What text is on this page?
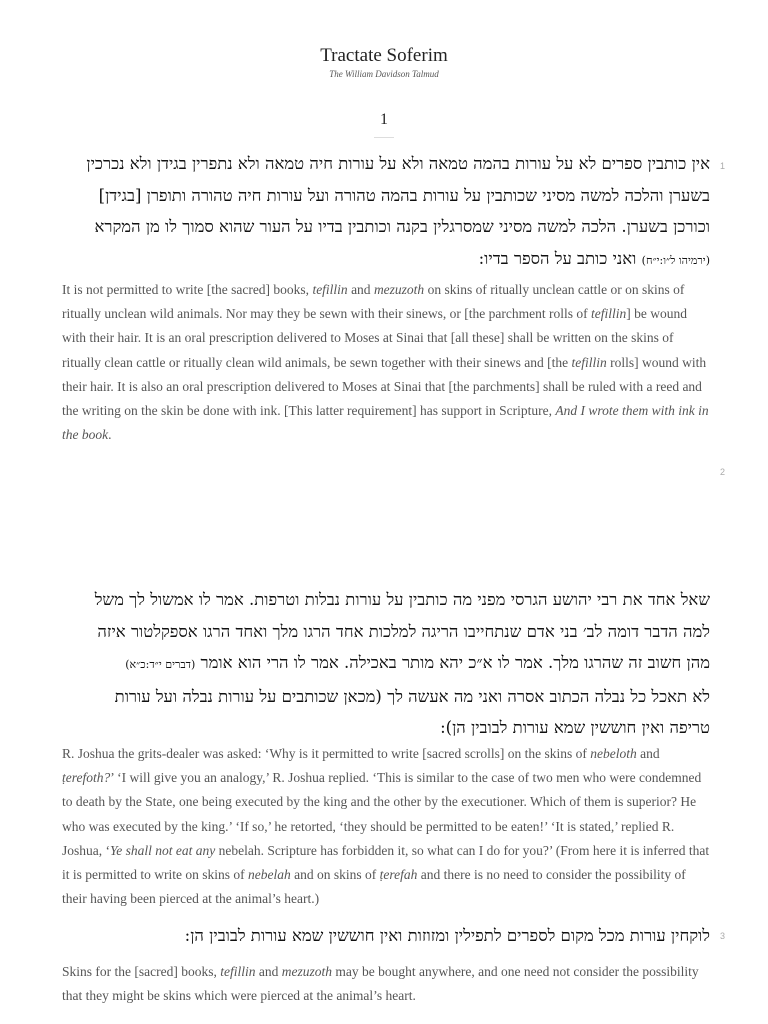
Tractate Soferim
The William Davidson Talmud
1
1
אין כותבין ספרים לא על עורות בהמה טמאה ולא על עורות חיה טמאה ולא נתפרין בגידן ולא נכרכין
בשערן והלכה למשה מסיני שכותבין על עורות בהמה טהורה ועל עורות חיה טהורה ותופרן [בגידן]
וכורכן בשערן. הלכה למשה מסיני שמסרגלין בקנה וכותבין בדיו על העור שהוא סמוך לו מן המקרא
(ירמיהו ל״ו:י״ח) ואני כותב על הספר בדיו:
It is not permitted to write [the sacred] books, tefillin and mezuzoth on skins of ritually unclean cattle or on skins of ritually unclean wild animals. Nor may they be sewn with their sinews, or [the parchment rolls of tefillin] be wound with their hair. It is an oral prescription delivered to Moses at Sinai that [all these] shall be written on the skins of ritually clean cattle or ritually clean wild animals, be sewn together with their sinews and [the tefillin rolls] wound with their hair. It is also an oral prescription delivered to Moses at Sinai that [the parchments] shall be ruled with a reed and the writing on the skin be done with ink. [This latter requirement] has support in Scripture, And I wrote them with ink in the book.
2
שאל אחד את רבי יהושע הגרסי מפני מה כותבין על עורות נבלות וטרפות. אמר לו אמשול לך משל
למה הדבר דומה לב׳ בני אדם שנתחייבו הריגה למלכות אחד הרגו מלך ואחד הרגו אספקלטור איזה
מהן חשוב זה שהרגו מלך. אמר לו א״כ יהא מותר באכילה. אמר לו הרי הוא אומר (דברים י״ד:כ״א)
לא תאכל כל נבלה הכתוב אסרה ואני מה אעשה לך (מכאן שכותבים על עורות נבלה ועל עורות
טריפה ואין חוששין שמא עורות לבובין הן):
R. Joshua the grits-dealer was asked: ‘Why is it permitted to write [sacred scrolls] on the skins of nebeloth and ṭerefoth?’ ‘I will give you an analogy,’ R. Joshua replied. ‘This is similar to the case of two men who were condemned to death by the State, one being executed by the king and the other by the executioner. Which of them is superior? He who was executed by the king.’ ‘If so,’ he retorted, ‘they should be permitted to be eaten!’ ‘It is stated,’ replied R. Joshua, ‘Ye shall not eat any nebelah. Scripture has forbidden it, so what can I do for you?’ (From here it is inferred that it is permitted to write on skins of nebelah and on skins of ṭerefah and there is no need to consider the possibility of their having been pierced at the animal’s heart.)
3
לוקחין עורות מכל מקום לספרים לתפילין ומזוזות ואין חוששין שמא עורות לבובין הן:
Skins for the [sacred] books, tefillin and mezuzoth may be bought anywhere, and one need not consider the possibility that they might be skins which were pierced at the animal’s heart.
